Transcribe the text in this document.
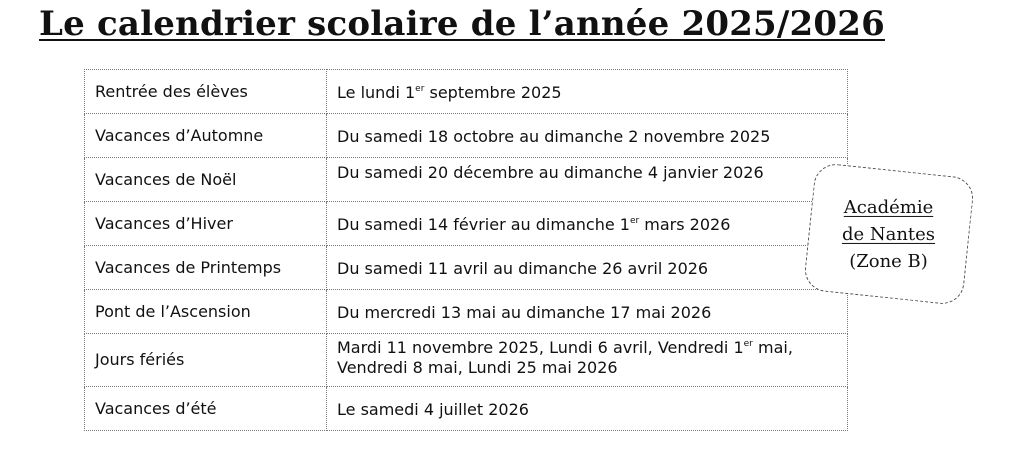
Le calendrier scolaire de l’année 2025/2026
Rentrée des élèves	Le lundi 1er septembre 2025
Vacances d’Automne	Du samedi 18 octobre au dimanche 2 novembre 2025
Vacances de Noël	Du samedi 20 décembre au dimanche 4 janvier 2026
Vacances d’Hiver	Du samedi 14 février au dimanche 1er mars 2026
Vacances de Printemps	Du samedi 11 avril au dimanche 26 avril 2026
Pont de l’Ascension	Du mercredi 13 mai au dimanche 17 mai 2026
Jours fériés	Mardi 11 novembre 2025, Lundi 6 avril, Vendredi 1er mai, Vendredi 8 mai, Lundi 25 mai 2026
Vacances d’été	Le samedi 4 juillet 2026
Académie
de Nantes
(Zone B)
